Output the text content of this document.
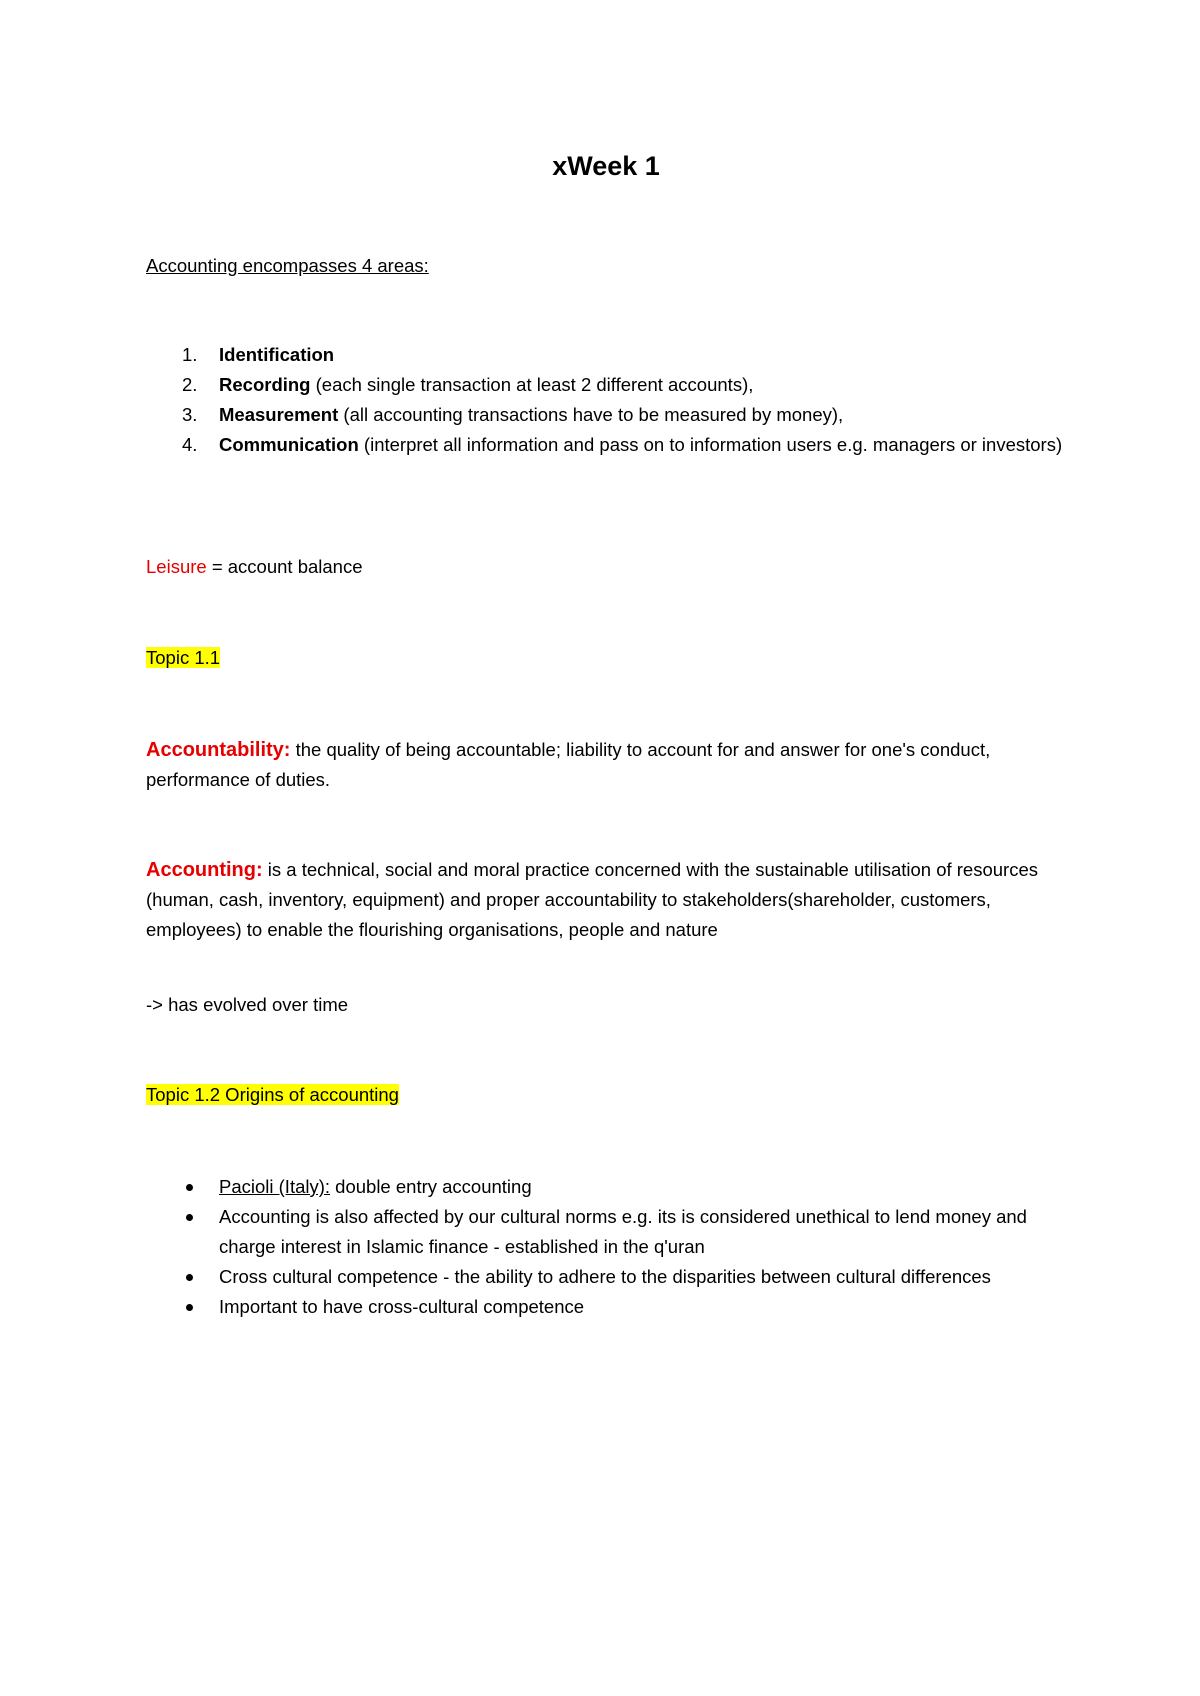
xWeek 1
Accounting encompasses 4 areas:
1. Identification
2. Recording (each single transaction at least 2 different accounts),
3. Measurement (all accounting transactions have to be measured by money),
4. Communication (interpret all information and pass on to information users e.g. managers or investors)
Leisure = account balance
Topic 1.1

Accountability: the quality of being accountable; liability to account for and answer for one's conduct, performance of duties.

Accounting: is a technical, social and moral practice concerned with the sustainable utilisation of resources (human, cash, inventory, equipment) and proper accountability to stakeholders(shareholder, customers, employees) to enable the flourishing organisations, people and nature

-> has evolved over time

Topic 1.2 Origins of accounting
Pacioli (Italy): double entry accounting
Accounting is also affected by our cultural norms e.g. its is considered unethical to lend money and charge interest in Islamic finance - established in the q'uran
Cross cultural competence - the ability to adhere to the disparities between cultural differences
Important to have cross-cultural competence
